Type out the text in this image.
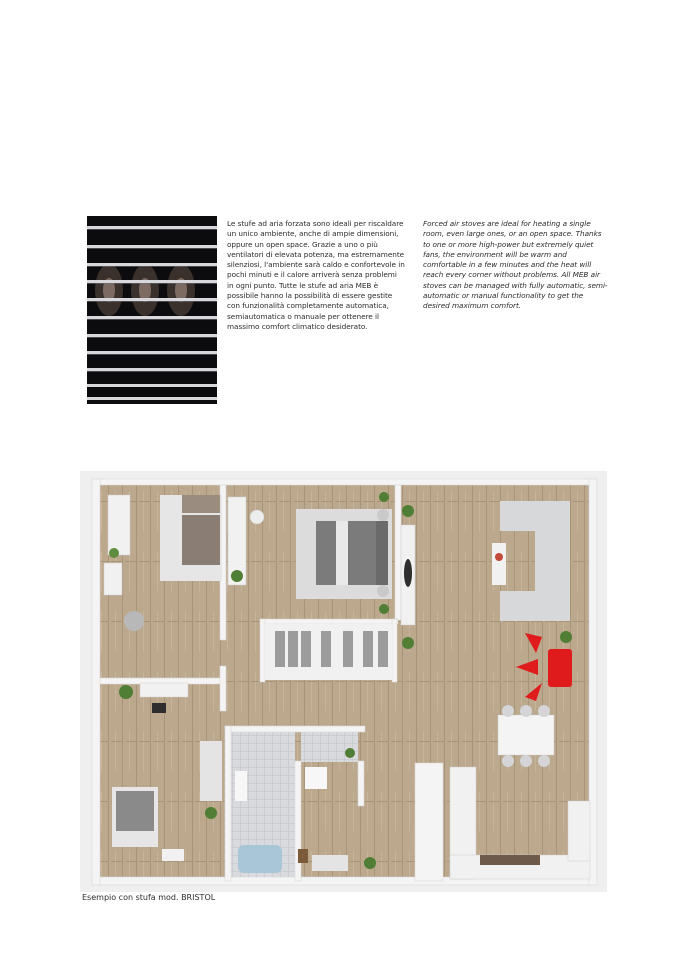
Le stufe ad aria forzata sono ideali per riscaldare un unico ambiente, anche di ampie dimensioni, oppure un open space. Grazie a uno o più ventilatori di elevata potenza, ma estremamente silenziosi, l'ambiente sarà caldo e confortevole in pochi minuti e il calore arriverà senza problemi in ogni punto. Tutte le stufe ad aria MEB è possibile hanno la possibilità di essere gestite con funzionalità completamente automatica, semiautomatica o manuale per ottenere il massimo comfort climatico desiderato.

Forced air stoves are ideal for heating a single room, even large ones, or an open space. Thanks to one or more high-power but extremely quiet fans, the environment will be warm and comfortable in a few minutes and the heat will reach every corner without problems. All MEB air stoves can be managed with fully automatic, semi-automatic or manual functionality to get the desired maximum comfort.

Esempio con stufa mod. BRISTOL
